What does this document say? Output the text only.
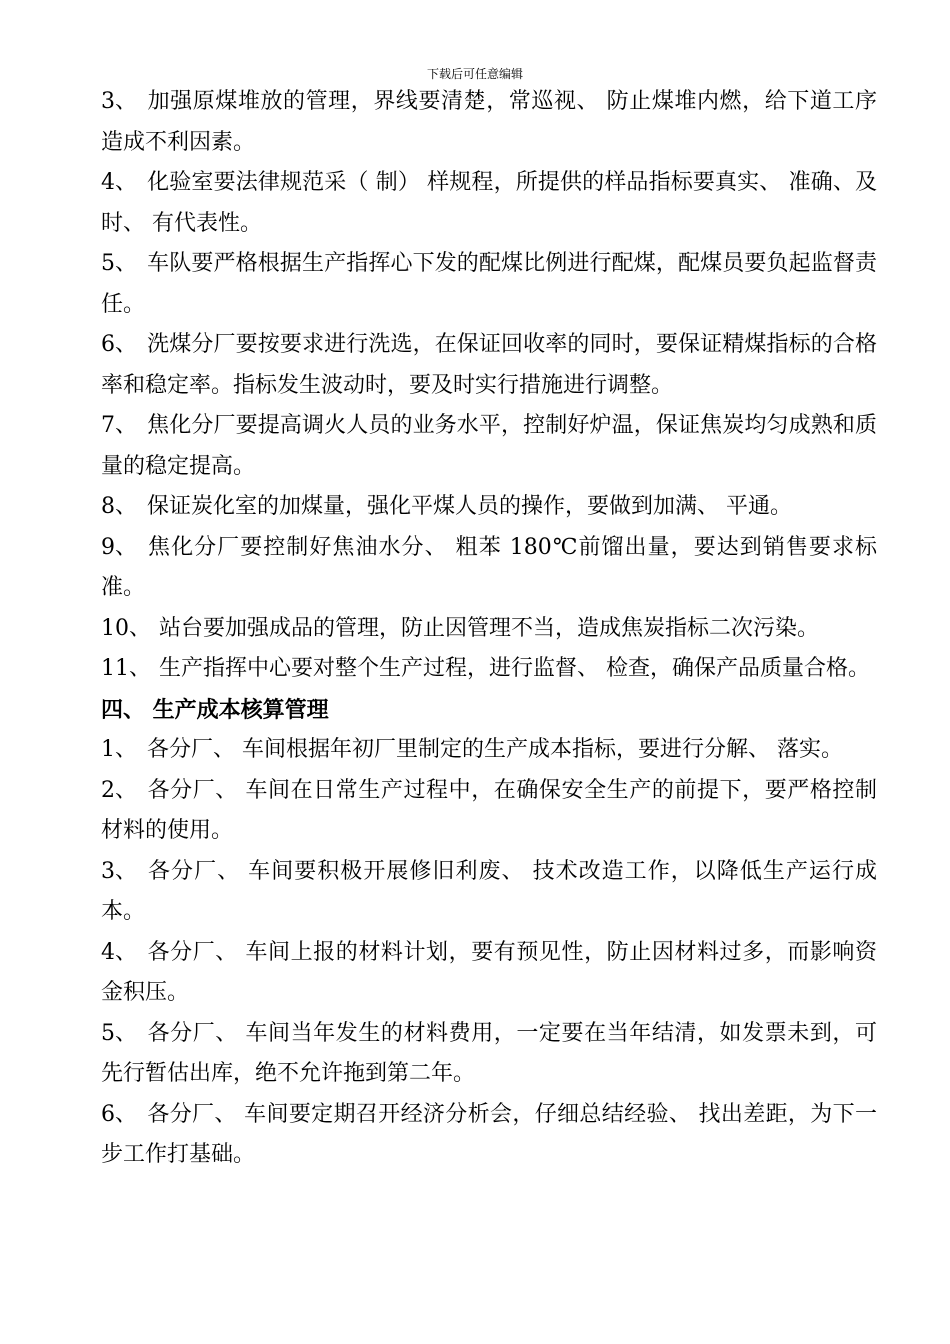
下载后可任意编辑

3、 加强原煤堆放的管理，界线要清楚，常巡视、 防止煤堆内燃，给下道工序造成不利因素。

4、 化验室要法律规范采（ 制） 样规程，所提供的样品指标要真实、 准确、及时、 有代表性。

5、 车队要严格根据生产指挥心下发的配煤比例进行配煤，配煤员要负起监督责任。

6、 洗煤分厂要按要求进行洗选，在保证回收率的同时，要保证精煤指标的合格率和稳定率。指标发生波动时，要及时实行措施进行调整。

7、 焦化分厂要提高调火人员的业务水平，控制好炉温，保证焦炭均匀成熟和质量的稳定提高。

8、 保证炭化室的加煤量，强化平煤人员的操作，要做到加满、 平通。

9、 焦化分厂要控制好焦油水分、 粗苯 180℃前馏出量，要达到销售要求标准。

10、 站台要加强成品的管理，防止因管理不当，造成焦炭指标二次污染。

11、 生产指挥中心要对整个生产过程，进行监督、 检查，确保产品质量合格。

四、 生产成本核算管理

1、 各分厂、 车间根据年初厂里制定的生产成本指标，要进行分解、 落实。

2、 各分厂、 车间在日常生产过程中，在确保安全生产的前提下，要严格控制材料的使用。

3、 各分厂、 车间要积极开展修旧利废、 技术改造工作，以降低生产运行成本。

4、 各分厂、 车间上报的材料计划，要有预见性，防止因材料过多，而影响资金积压。

5、 各分厂、 车间当年发生的材料费用，一定要在当年结清，如发票未到，可先行暂估出库，绝不允许拖到第二年。

6、 各分厂、 车间要定期召开经济分析会，仔细总结经验、 找出差距，为下一步工作打基础。
